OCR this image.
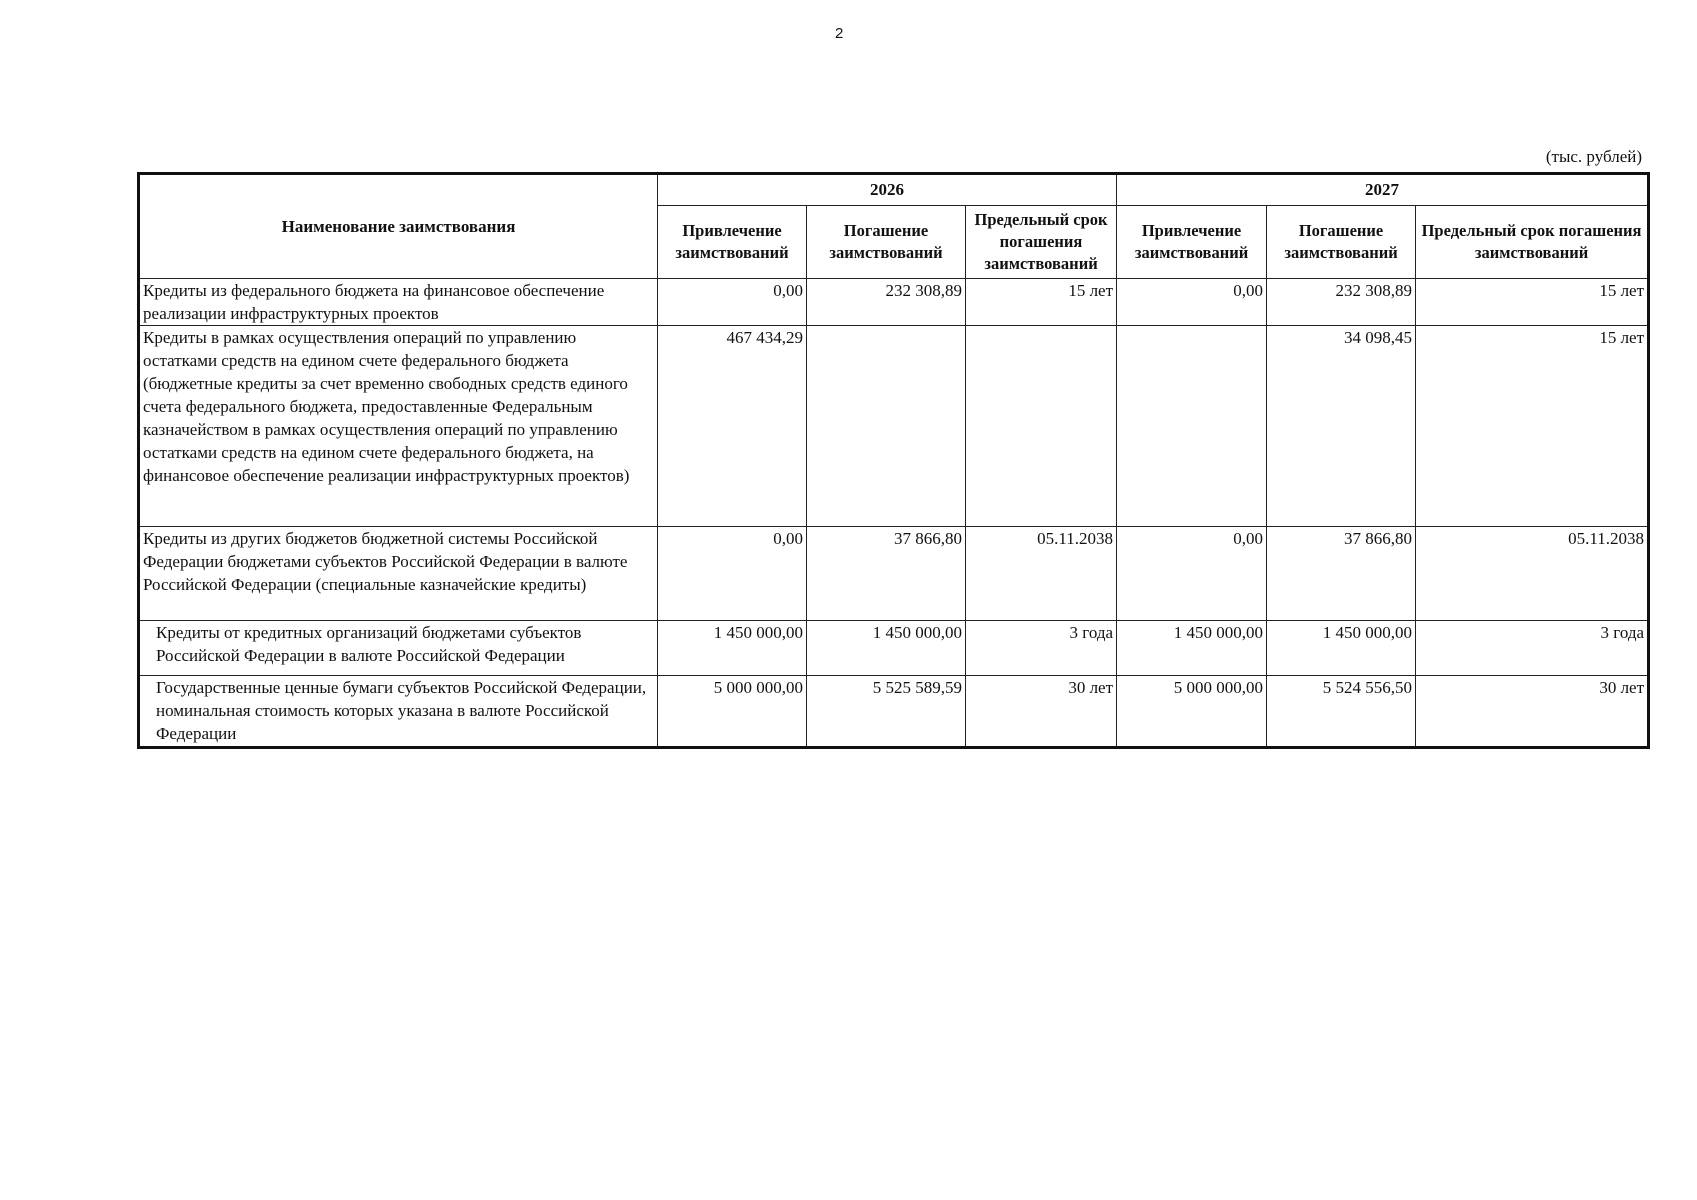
2
(тыс. рублей)
Наименование заимствования	2026			2027		
	Привлечение заимствований	Погашение заимствований	Предельный срок погашения заимствований	Привлечение заимствований	Погашение заимствований	Предельный срок погашения заимствований
Кредиты из федерального бюджета на финансовое обеспечение реализации инфраструктурных проектов	0,00	232 308,89	15 лет	0,00	232 308,89	15 лет
Кредиты в рамках осуществления операций по управлению остатками средств на едином счете федерального бюджета (бюджетные кредиты за счет временно свободных средств единого счета федерального бюджета, предоставленные Федеральным казначейством в рамках осуществления операций по управлению остатками средств на едином счете федерального бюджета, на финансовое обеспечение реализации инфраструктурных проектов)	467 434,29				34 098,45	15 лет
Кредиты из других бюджетов бюджетной системы Российской Федерации бюджетами субъектов Российской Федерации в валюте Российской Федерации (специальные казначейские кредиты)	0,00	37 866,80	05.11.2038	0,00	37 866,80	05.11.2038
Кредиты от кредитных организаций бюджетами субъектов Российской Федерации в валюте Российской Федерации	1 450 000,00	1 450 000,00	3 года	1 450 000,00	1 450 000,00	3 года
Государственные ценные бумаги субъектов Российской Федерации, номинальная стоимость которых указана в валюте Российской Федерации	5 000 000,00	5 525 589,59	30 лет	5 000 000,00	5 524 556,50	30 лет
